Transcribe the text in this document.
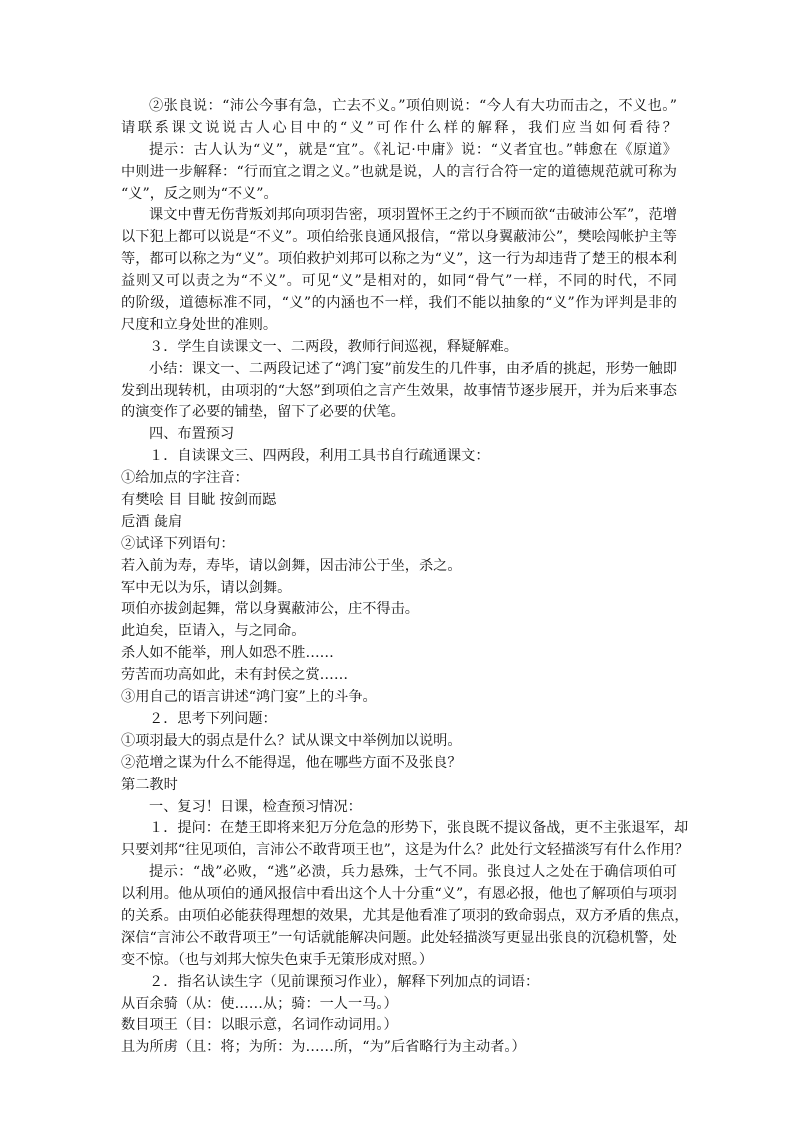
②张良说：“沛公今事有急，亡去不义。”项伯则说：“今人有大功而击之，不义也。”

请联系课文说说古人心目中的“义”可作什么样的解释，我们应当如何看待？

提示：古人认为“义”，就是“宜”。《礼记·中庸》说：“义者宜也。”韩愈在《原道》

中则进一步解释：“行而宜之谓之义。”也就是说，人的言行合符一定的道德规范就可称为

“义”，反之则为“不义”。

课文中曹无伤背叛刘邦向项羽告密，项羽置怀王之约于不顾而欲“击破沛公军”，范增

以下犯上都可以说是“不义”。项伯给张良通风报信，“常以身翼蔽沛公”，樊哙闯帐护主等

等，都可以称之为“义”。项伯救护刘邦可以称之为“义”，这一行为却违背了楚王的根本利

益则又可以责之为“不义”。可见“义”是相对的，如同“骨气”一样，不同的时代，不同

的阶级，道德标准不同，“义”的内涵也不一样，我们不能以抽象的“义”作为评判是非的

尺度和立身处世的准则。

３．学生自读课文一、二两段，教师行间巡视，释疑解难。

小结：课文一、二两段记述了“鸿门宴”前发生的几件事，由矛盾的挑起，形势一触即

发到出现转机，由项羽的“大怒”到项伯之言产生效果，故事情节逐步展开，并为后来事态

的演变作了必要的铺垫，留下了必要的伏笔。

四、布置预习

１．自读课文三、四两段，利用工具书自行疏通课文：

①给加点的字注音：

有樊哙 目 目眦 按剑而跽

卮酒 彘肩

②试译下列语句：

若入前为寿，寿毕，请以剑舞，因击沛公于坐，杀之。

军中无以为乐，请以剑舞。

项伯亦拔剑起舞，常以身翼蔽沛公，庄不得击。

此迫矣，臣请入，与之同命。

杀人如不能举，刑人如恐不胜……

劳苦而功高如此，未有封侯之赏……

③用自己的语言讲述“鸿门宴”上的斗争。

２．思考下列问题：

①项羽最大的弱点是什么？试从课文中举例加以说明。

②范增之谋为什么不能得逞，他在哪些方面不及张良？

第二教时

一、复习！日课，检查预习情况：

１．提问：在楚王即将来犯万分危急的形势下，张良既不提议备战，更不主张退军，却

只要刘邦“往见项伯，言沛公不敢背项王也”，这是为什么？此处行文轻描淡写有什么作用？

提示：“战”必败，“逃”必溃，兵力悬殊，士气不同。张良过人之处在于确信项伯可

以利用。他从项伯的通风报信中看出这个人十分重“义”，有恩必报，他也了解项伯与项羽

的关系。由项伯必能获得理想的效果，尤其是他看准了项羽的致命弱点，双方矛盾的焦点，

深信“言沛公不敢背项王”一句话就能解决问题。此处轻描淡写更显出张良的沉稳机警，处

变不惊。（也与刘邦大惊失色束手无策形成对照。）

２．指名认读生字（见前课预习作业），解释下列加点的词语：

从百余骑（从：使……从；骑：一人一马。）

数目项王（目：以眼示意，名词作动词用。）

且为所虏（且：将；为所：为……所，“为”后省略行为主动者。）
